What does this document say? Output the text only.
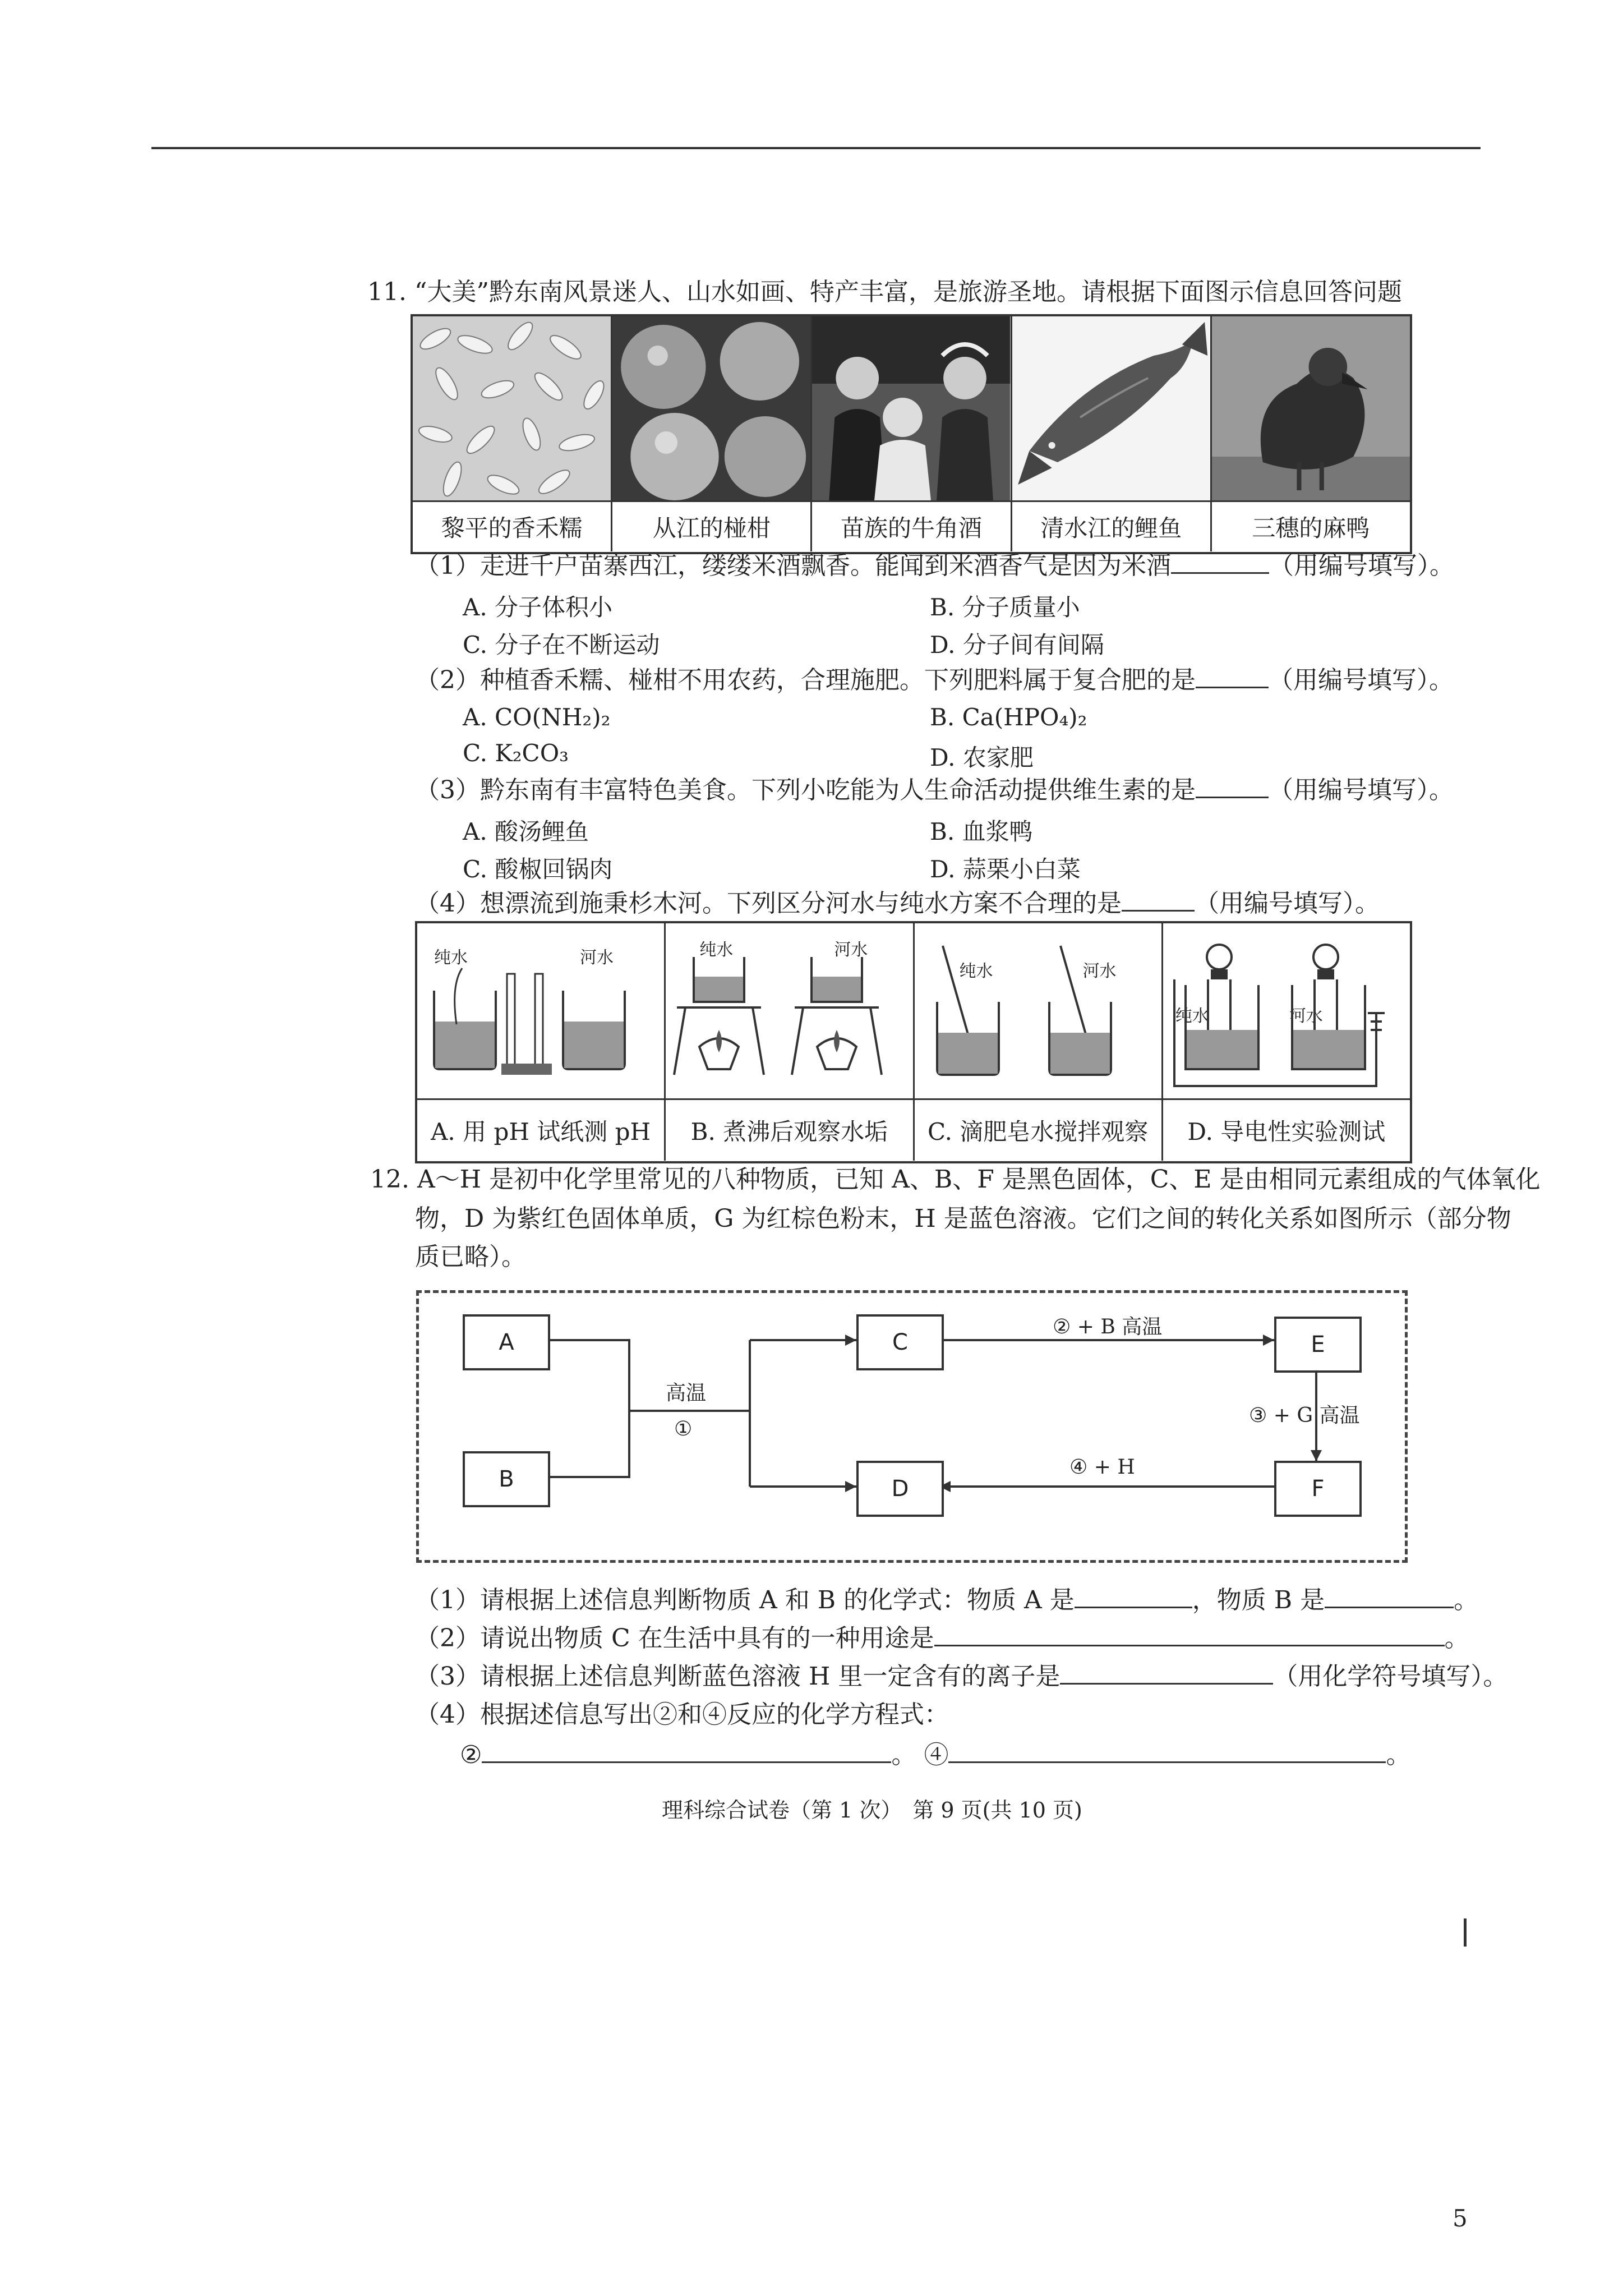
11. “大美”黔东南风景迷人、山水如画、特产丰富，是旅游圣地。请根据下面图示信息回答问题
黎平的香禾糯	从江的椪柑	苗族的牛角酒	清水江的鲤鱼	三穗的麻鸭
（1）走进千户苗寨西江，缕缕米酒飘香。能闻到米酒香气是因为米酒	（用编号填写）。
A. 分子体积小	B. 分子质量小
C. 分子在不断运动	D. 分子间有间隔
（2）种植香禾糯、椪柑不用农药，合理施肥。下列肥料属于复合肥的是	（用编号填写）。
A. CO(NH₂)₂	B. Ca(HPO₄)₂
C. K₂CO₃	D. 农家肥
（3）黔东南有丰富特色美食。下列小吃能为人生命活动提供维生素的是	（用编号填写）。
A. 酸汤鲤鱼	B. 血浆鸭
C. 酸椒回锅肉	D. 蒜栗小白菜
（4）想漂流到施秉杉木河。下列区分河水与纯水方案不合理的是	（用编号填写）。
纯水	河水	纯水	河水
纯水	河水
纯水	河水
A. 用 pH 试纸测 pH	B. 煮沸后观察水垢	C. 滴肥皂水搅拌观察	D. 导电性实验测试
12. A～H 是初中化学里常见的八种物质，已知 A、B、F 是黑色固体，C、E 是由相同元素组成的气体氧化
物，D 为紫红色固体单质，G 为红棕色粉末，H 是蓝色溶液。它们之间的转化关系如图所示（部分物
质已略）。
A
B
C
D
E
F
高温
①
② + B 高温
③ + G 高温
④ + H
（1）请根据上述信息判断物质 A 和 B 的化学式：物质 A 是	，物质 B 是	。
（2）请说出物质 C 在生活中具有的一种用途是	。
（3）请根据上述信息判断蓝色溶液 H 里一定含有的离子是	（用化学符号填写）。
（4）根据述信息写出②和④反应的化学方程式：
②	。 ④	。
理科综合试卷（第 1 次）　第 9 页(共 10 页)
5
